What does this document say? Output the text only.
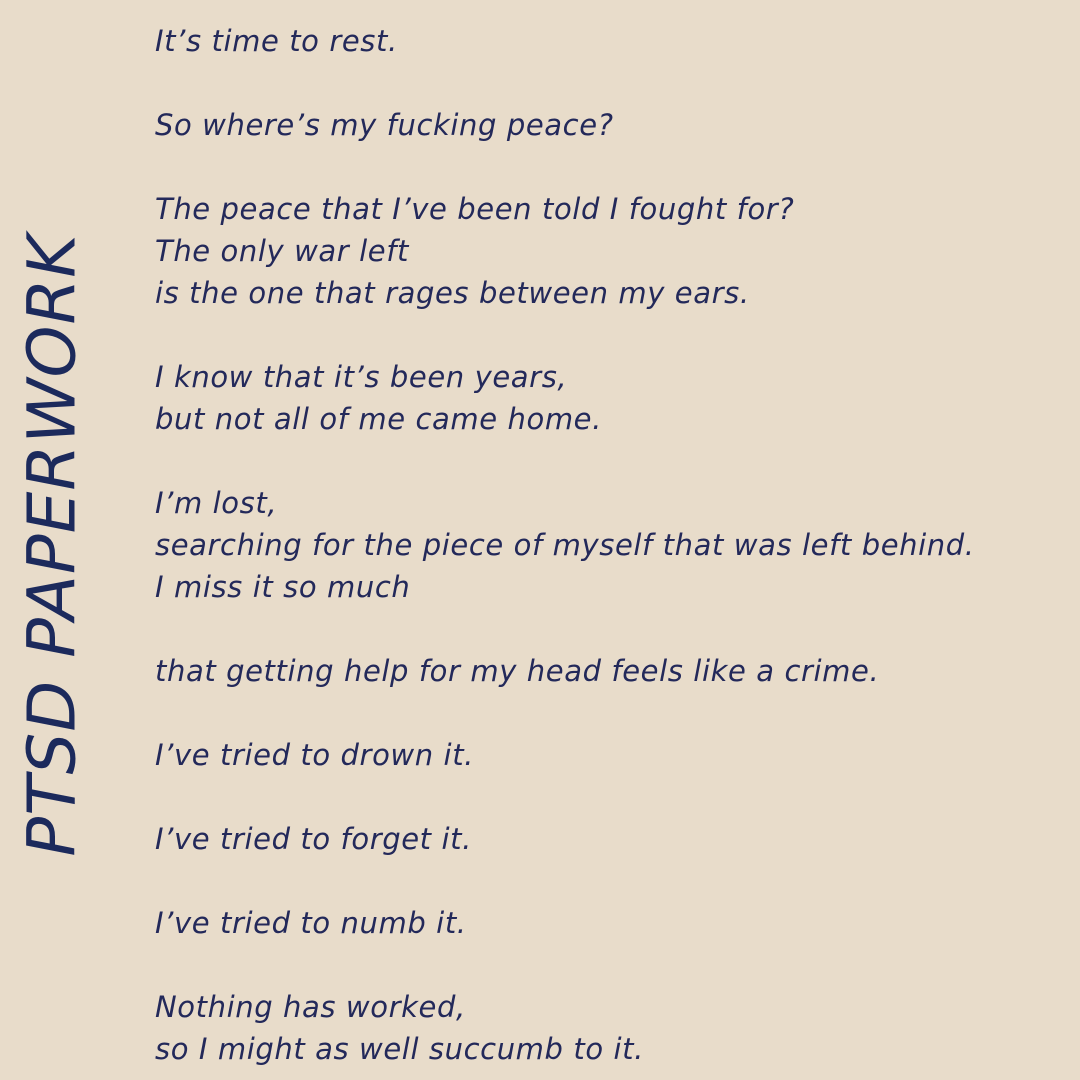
PTSD PAPERWORK
It’s time to rest.
So where’s my fucking peace?
The peace that I’ve been told I fought for?
The only war left
is the one that rages between my ears.
I know that it’s been years,
but not all of me came home.
I’m lost,
searching for the piece of myself that was left behind.
I miss it so much
that getting help for my head feels like a crime.
I’ve tried to drown it.
I’ve tried to forget it.
I’ve tried to numb it.
Nothing has worked,
so I might as well succumb to it.
